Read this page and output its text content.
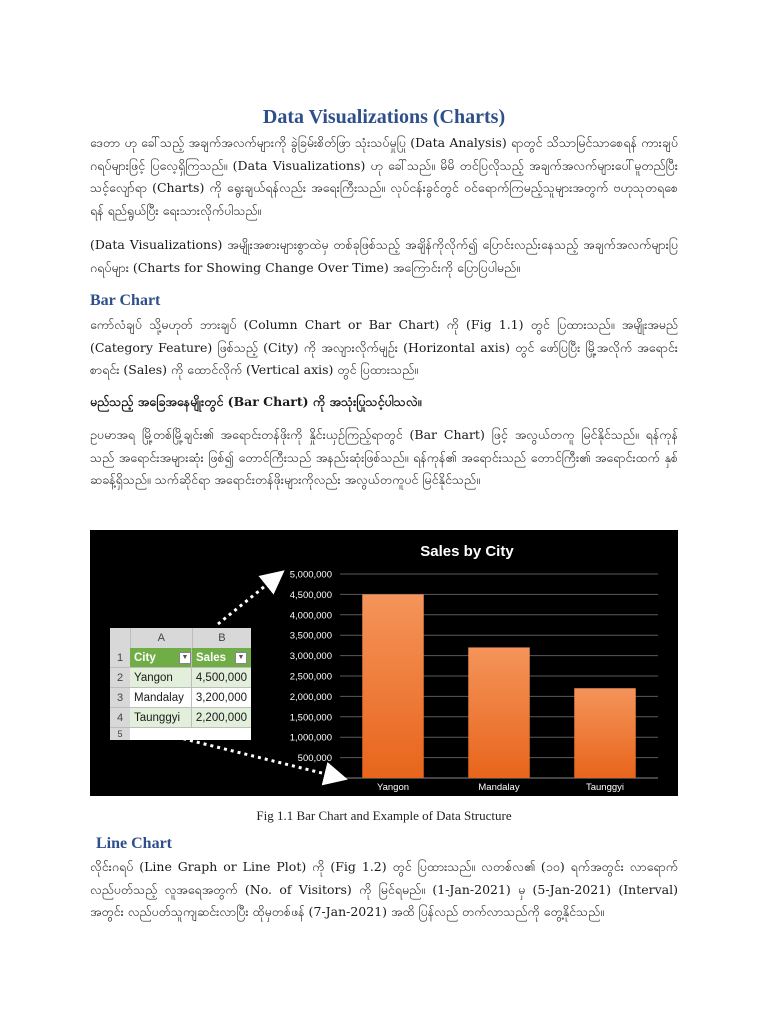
Data Visualizations (Charts)

ဒေတာ ဟု ခေါ်သည့် အချက်အလက်များကို ခွဲခြမ်းစိတ်ဖြာ သုံးသပ်မှုပြု (Data Analysis) ရာတွင် သိသာမြင်သာစေရန် ကားချပ် ဂရပ်များဖြင့် ပြလေ့ရှိကြသည်။ (Data Visualizations) ဟု ခေါ်သည်။ မိမိ တင်ပြလိုသည့် အချက်အလက်များပေါ်မူတည်ပြီး သင့်လျော်ရာ (Charts) ကို ရွေးချယ်ရန်လည်း အရေးကြီးသည်။ လုပ်ငန်းခွင်တွင် ဝင်ရောက်ကြမည့်သူများအတွက် ဗဟုသုတရစေရန် ရည်ရွယ်ပြီး ရေးသားလိုက်ပါသည်။

(Data Visualizations) အမျိုးအစားများစွာထဲမှ တစ်ခုဖြစ်သည့် အချိန်ကိုလိုက်၍ ပြောင်းလည်းနေသည့် အချက်အလက်များပြ ဂရပ်များ (Charts for Showing Change Over Time) အကြောင်းကို ပြောပြပါမည်။

Bar Chart

ကော်လံချပ် သို့မဟုတ် ဘားချပ် (Column Chart or Bar Chart) ကို (Fig 1.1) တွင် ပြထားသည်။ အမျိုးအမည် (Category Feature) ဖြစ်သည့် (City) ကို အလျားလိုက်မျဉ်း (Horizontal axis) တွင် ဖော်ပြပြီး မြို့အလိုက် အရောင်းစာရင်း (Sales) ကို ထောင်လိုက် (Vertical axis) တွင် ပြထားသည်။

မည်သည့် အခြေအနေမျိုးတွင် (Bar Chart) ကို အသုံးပြုသင့်ပါသလဲ။

ဥပမာအရ မြို့တစ်မြို့ချင်း၏ အရောင်းတန်ဖိုးကို နှိုင်းယှဉ်ကြည့်ရာတွင် (Bar Chart) ဖြင့် အလွယ်တကူ မြင်နိုင်သည်။ ရန်ကုန် သည် အရောင်းအများဆုံး ဖြစ်၍ တောင်ကြီးသည် အနည်းဆုံးဖြစ်သည်။ ရန်ကုန်၏ အရောင်းသည် တောင်ကြီး၏ အရောင်းထက် နှစ်ဆခန့်ရှိသည်။ သက်ဆိုင်ရာ အရောင်းတန်ဖိုးများကိုလည်း အလွယ်တကူပင် မြင်နိုင်သည်။

Sales by City
500,000
1,000,000
1,500,000
2,000,000
2,500,000
3,000,000
3,500,000
4,000,000
4,500,000
5,000,000
Yangon	Mandalay	Taunggyi
A	B
1 City	▼ Sales	▼
2 Yangon	4,500,000
3 Mandalay	3,200,000
4 Taunggyi	2,200,000
5
Fig 1.1 Bar Chart and Example of Data Structure
Line Chart

လိုင်းဂရပ် (Line Graph or Line Plot) ကို (Fig 1.2) တွင် ပြထားသည်။ လတစ်လ၏ (၁၀) ရက်အတွင်း လာရောက်လည်ပတ်သည့် လူအရေအတွက် (No. of Visitors) ကို မြင်ရမည်။ (1-Jan-2021) မှ (5-Jan-2021) (Interval) အတွင်း လည်ပတ်သူကျဆင်းလာပြီး ထိုမှတစ်ဖန် (7-Jan-2021) အထိ ပြန်လည် တက်လာသည်ကို တွေ့နိုင်သည်။
